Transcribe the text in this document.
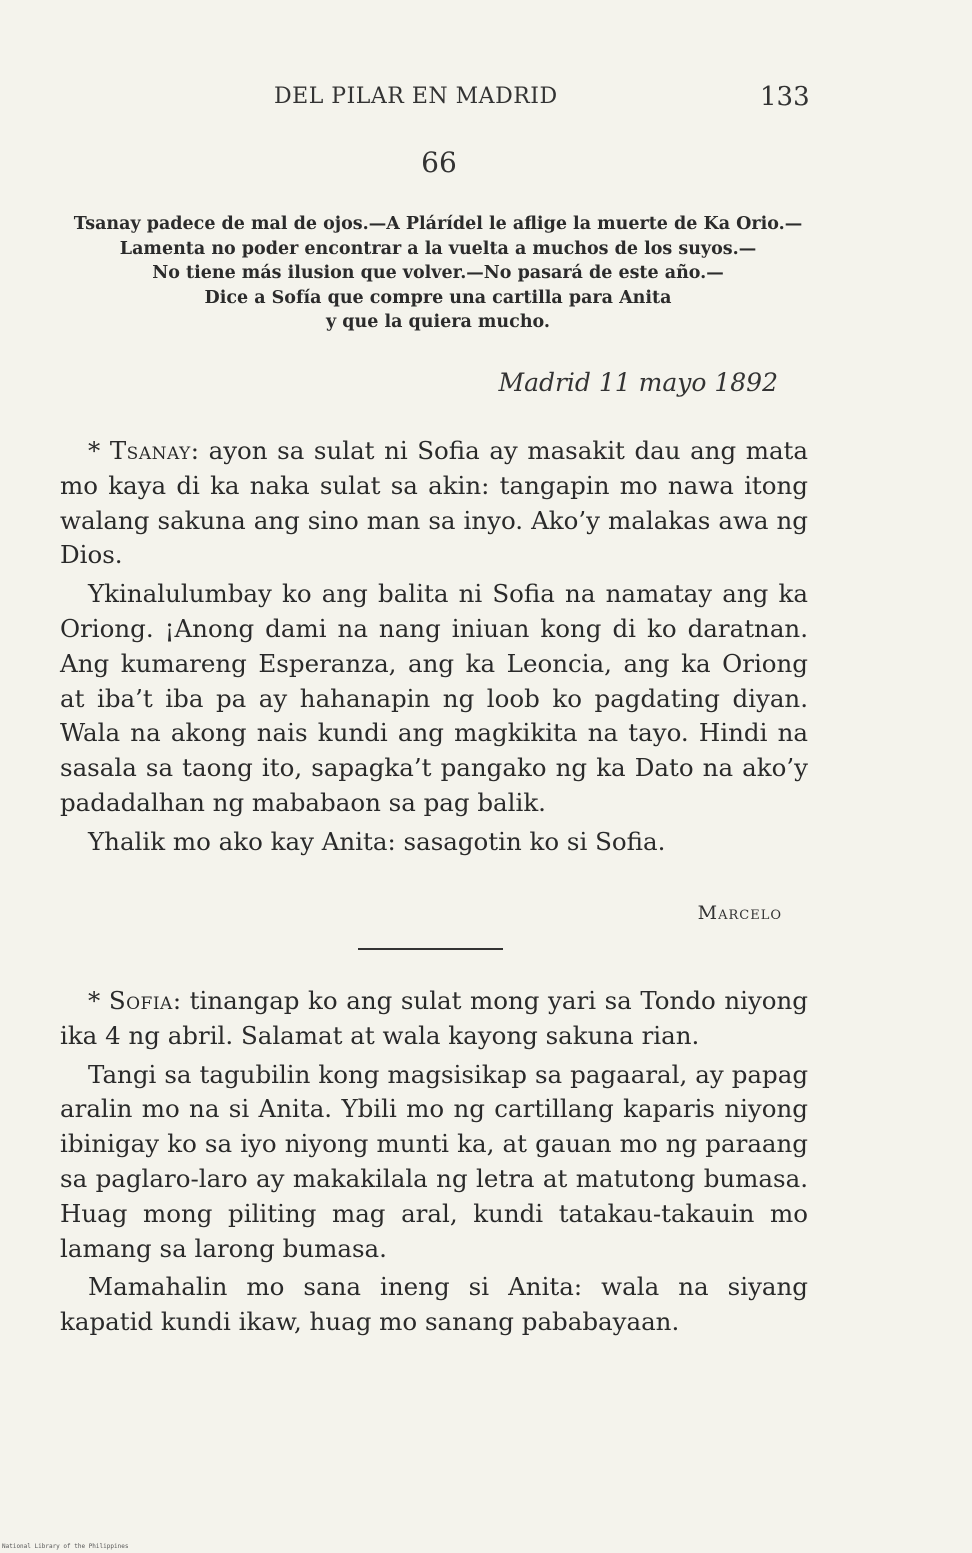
DEL PILAR EN MADRID	133
66
Tsanay padece de mal de ojos.—A Plárídel le aflige la muerte de Ka Orio.—
Lamenta no poder encontrar a la vuelta a muchos de los suyos.—
No tiene más ilusion que volver.—No pasará de este año.—
Dice a Sofía que compre una cartilla para Anita
y que la quiera mucho.
Madrid 11 mayo 1892

* Tsanay: ayon sa sulat ni Sofia ay masakit dau ang mata mo kaya di ka naka sulat sa akin: tangapin mo nawa itong walang sakuna ang sino man sa inyo. Ako’y malakas awa ng Dios.

Ykinalulumbay ko ang balita ni Sofia na namatay ang ka Oriong. ¡Anong dami na nang iniuan kong di ko daratnan. Ang kumareng Esperanza, ang ka Leoncia, ang ka Oriong at iba’t iba pa ay hahanapin ng loob ko pagdating diyan. Wala na akong nais kundi ang magkikita na tayo. Hindi na sasala sa taong ito, sapagka’t pangako ng ka Dato na ako’y padadalhan ng mababaon sa pag balik.

Yhalik mo ako kay Anita: sasagotin ko si Sofia.

Marcelo

* Sofia: tinangap ko ang sulat mong yari sa Tondo niyong ika 4 ng abril. Salamat at wala kayong sakuna rian.

Tangi sa tagubilin kong magsisikap sa pagaaral, ay papag aralin mo na si Anita. Ybili mo ng cartillang kaparis niyong ibinigay ko sa iyo niyong munti ka, at gauan mo ng paraang sa paglaro-laro ay makakilala ng letra at matutong bumasa. Huag mong piliting mag aral, kundi tatakau-takauin mo lamang sa larong bumasa.

Mamahalin mo sana ineng si Anita: wala na siyang kapatid kundi ikaw, huag mo sanang pababayaan.

National Library of the Philippines
